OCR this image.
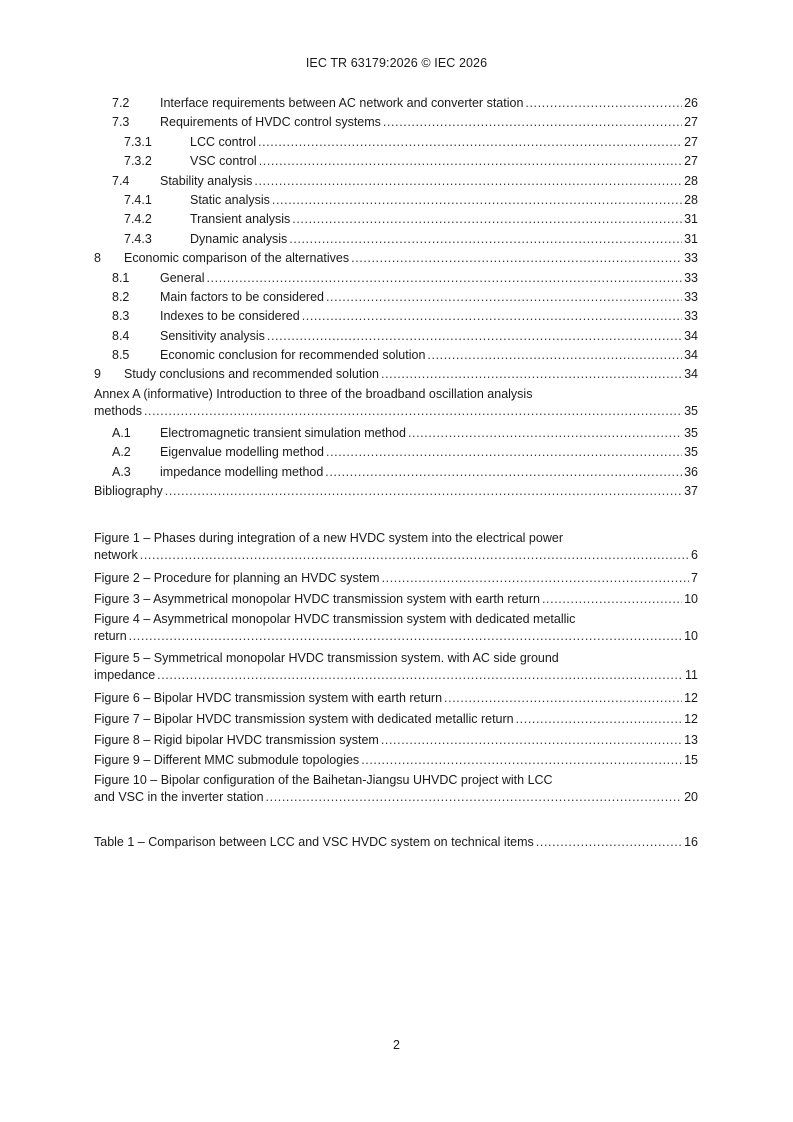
IEC TR 63179:2026 © IEC 2026
7.2	Interface requirements between AC network and converter station .....	26
7.3	Requirements of HVDC control systems .....	27
7.3.1	LCC control .....	27
7.3.2	VSC control .....	27
7.4	Stability analysis .....	28
7.4.1	Static analysis .....	28
7.4.2	Transient analysis .....	31
7.4.3	Dynamic analysis .....	31
8	Economic comparison of the alternatives .....	33
8.1	General .....	33
8.2	Main factors to be considered .....	33
8.3	Indexes to be considered .....	33
8.4	Sensitivity analysis .....	34
8.5	Economic conclusion for recommended solution .....	34
9	Study conclusions and recommended solution .....	34
Annex A (informative) Introduction to three of the broadband oscillation analysis
methods .....	35
A.1	Electromagnetic transient simulation method .....	35
A.2	Eigenvalue modelling method .....	35
A.3	impedance modelling method .....	36
Bibliography .....	37
Figure 1 – Phases during integration of a new HVDC system into the electrical power
network .....	6
Figure 2 – Procedure for planning an HVDC system .....	7
Figure 3 – Asymmetrical monopolar HVDC transmission system with earth return .....	10
Figure 4 – Asymmetrical monopolar HVDC transmission system with dedicated metallic
return .....	10
Figure 5 – Symmetrical monopolar HVDC transmission system. with AC side ground
impedance .....	11
Figure 6 – Bipolar HVDC transmission system with earth return .....	12
Figure 7 – Bipolar HVDC transmission system with dedicated metallic return .....	12
Figure 8 – Rigid bipolar HVDC transmission system .....	13
Figure 9 – Different MMC submodule topologies .....	15
Figure 10 – Bipolar configuration of the Baihetan-Jiangsu UHVDC project with LCC
and VSC in the inverter station .....	20
Table 1 – Comparison between LCC and VSC HVDC system on technical items .....	16
2
